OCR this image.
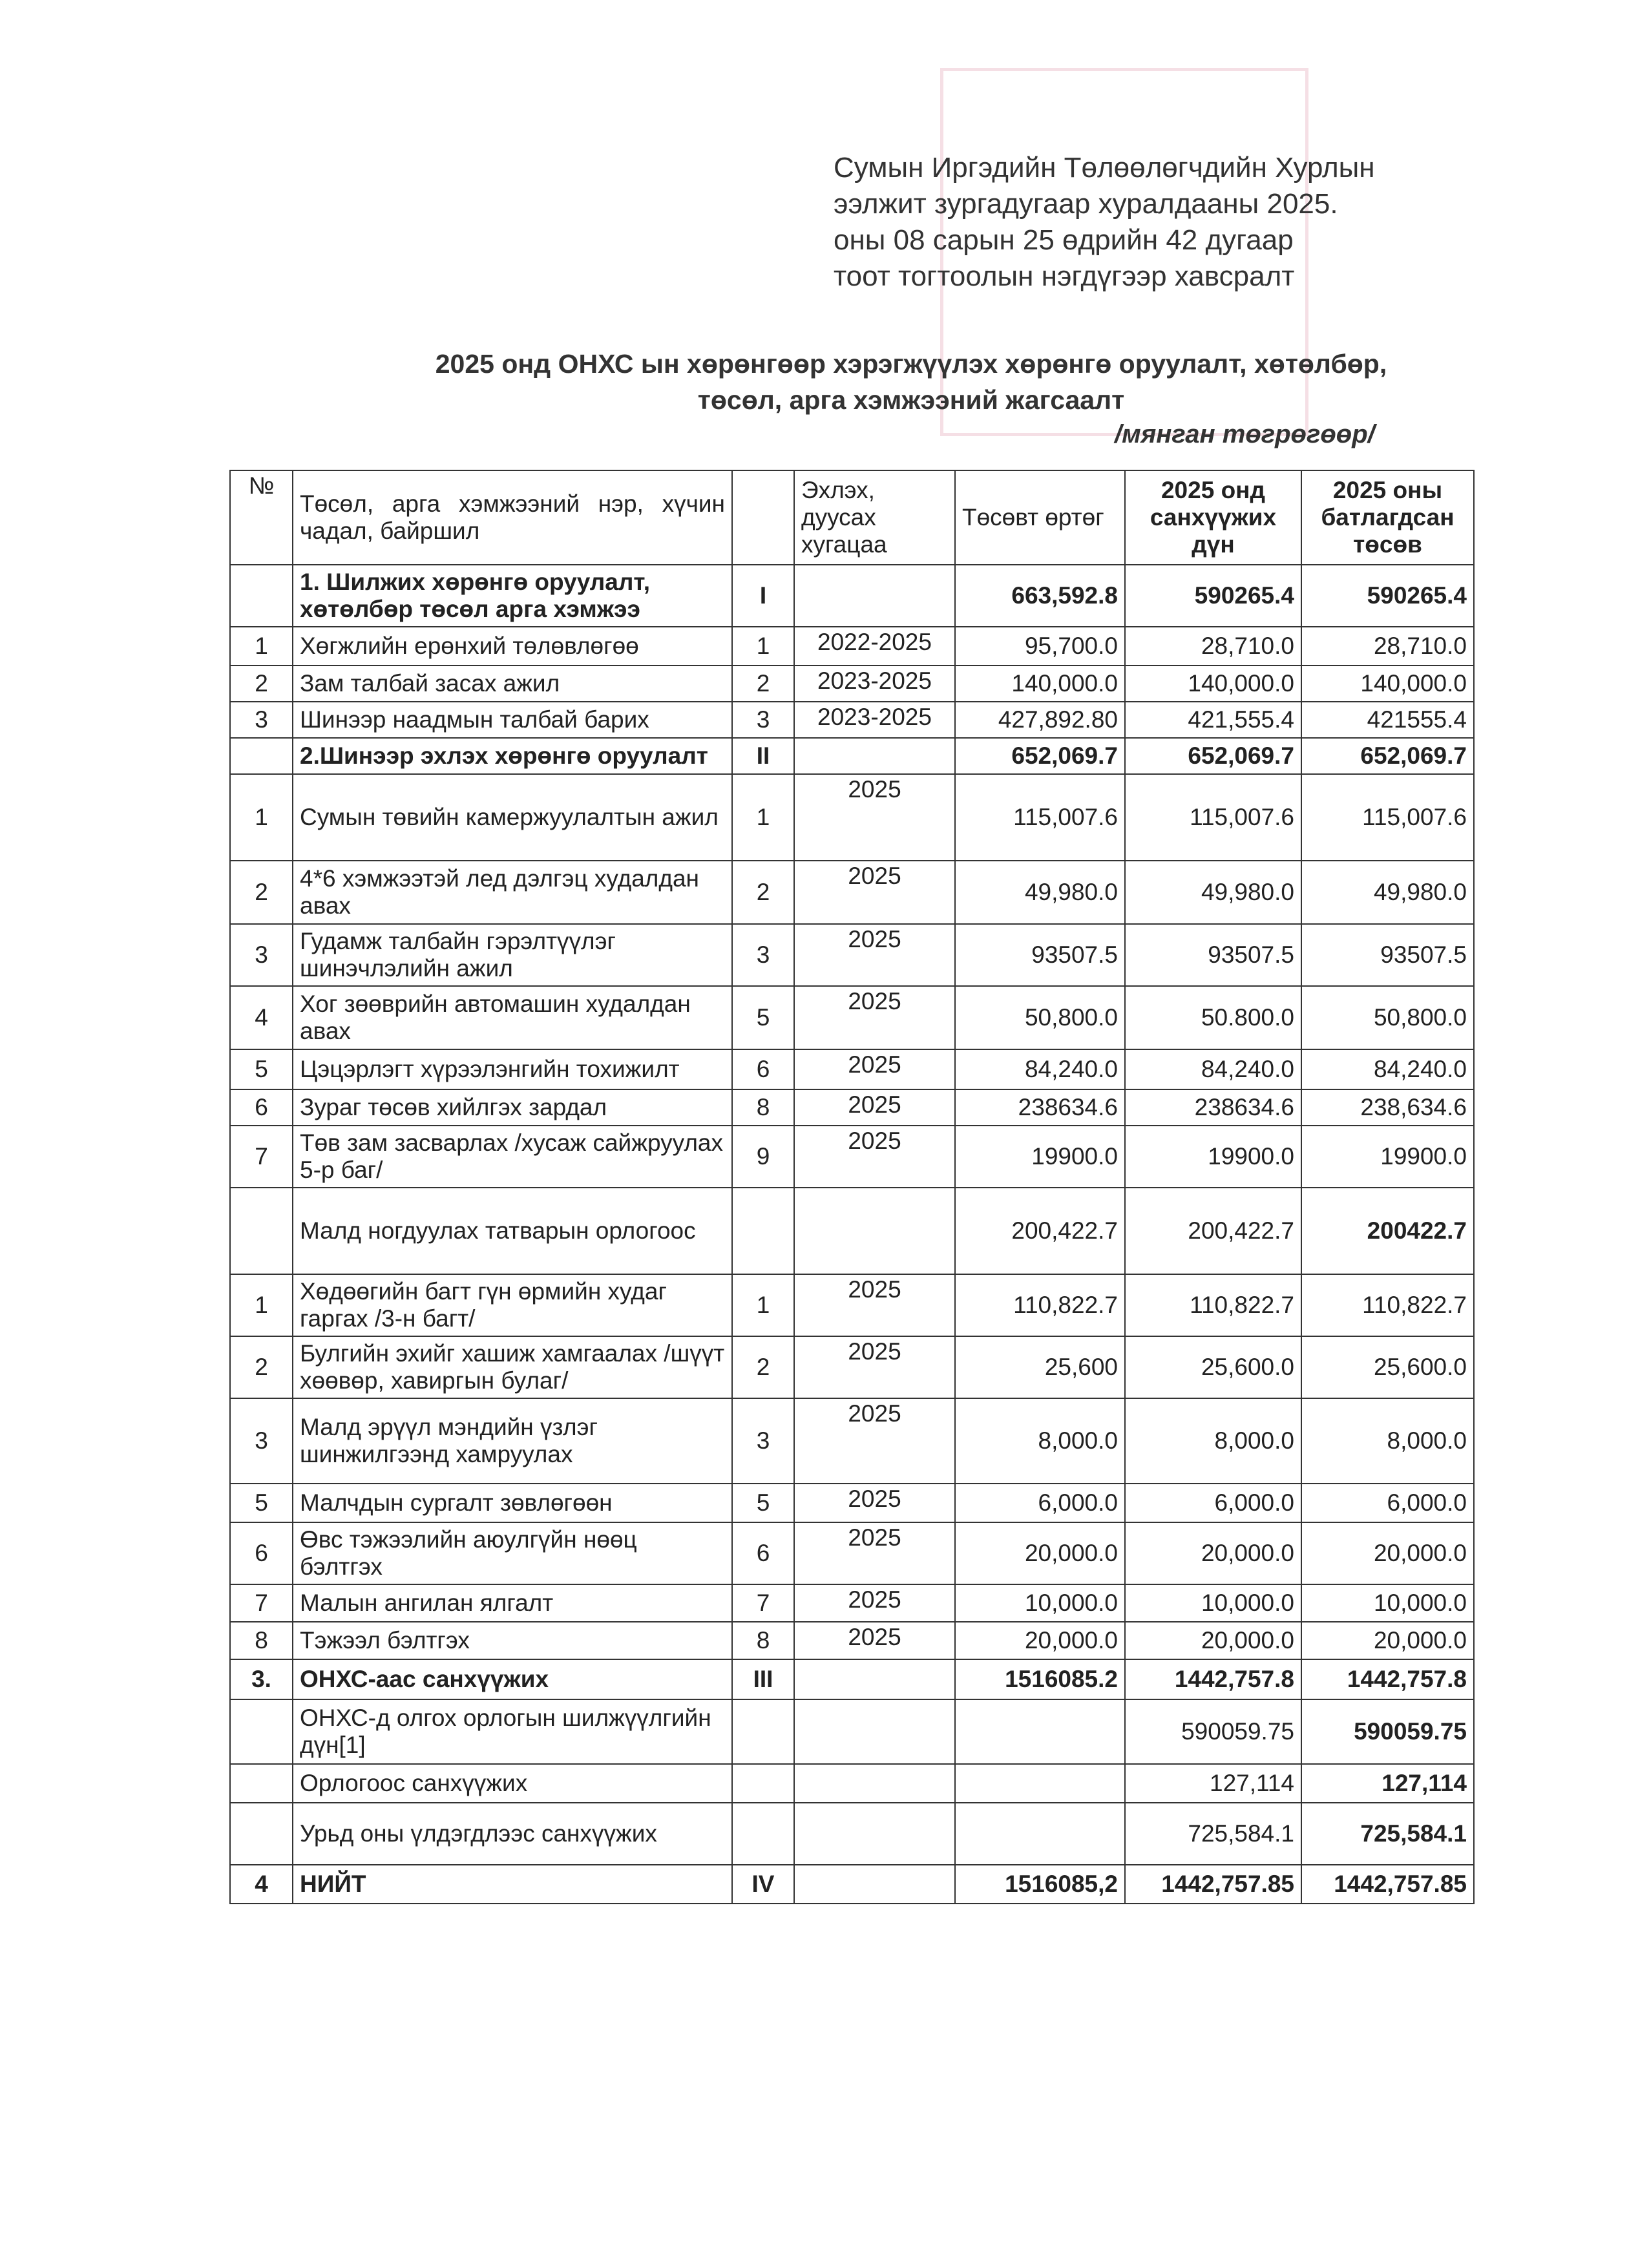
Сумын Иргэдийн Төлөөлөгчдийн Хурлын
ээлжит зургадугаар хуралдааны 2025.
оны 08 сарын 25 өдрийн 42 дугаар
тоот тогтоолын нэгдүгээр хавсралт
2025 онд ОНХС ын хөрөнгөөр хэрэгжүүлэх хөрөнгө оруулалт, хөтөлбөр,
төсөл, арга хэмжээний жагсаалт
/мянган төгрөгөөр/
№	Төсөл, арга хэмжээний нэр, хүчин чадал, байршил		Эхлэх, дуусах хугацаа	Төсөвт өртөг	2025 онд санхүүжих дүн	2025 оны батлагдсан төсөв
	1. Шилжих хөрөнгө оруулалт, хөтөлбөр төсөл арга хэмжээ	I		663,592.8	590265.4	590265.4
1	Хөгжлийн ерөнхий төлөвлөгөө	1	2022-2025	95,700.0	28,710.0	28,710.0
2	Зам талбай засах ажил	2	2023-2025	140,000.0	140,000.0	140,000.0
3	Шинээр наадмын талбай барих	3	2023-2025	427,892.80	421,555.4	421555.4
	2.Шинээр эхлэх хөрөнгө оруулалт	II		652,069.7	652,069.7	652,069.7
1	Сумын төвийн камержуулалтын ажил	1	2025	115,007.6	115,007.6	115,007.6
2	4*6 хэмжээтэй лед дэлгэц худалдан авах	2	2025	49,980.0	49,980.0	49,980.0
3	Гудамж талбайн гэрэлтүүлэг шинэчлэлийн ажил	3	2025	93507.5	93507.5	93507.5
4	Хог зөөврийн автомашин худалдан авах	5	2025	50,800.0	50.800.0	50,800.0
5	Цэцэрлэгт хүрээлэнгийн тохижилт	6	2025	84,240.0	84,240.0	84,240.0
6	Зураг төсөв хийлгэх зардал	8	2025	238634.6	238634.6	238,634.6
7	Төв зам засварлах /хусаж сайжруулах 5-р баг/	9	2025	19900.0	19900.0	19900.0
	Малд ногдуулах татварын орлогоос			200,422.7	200,422.7	200422.7
1	Хөдөөгийн багт гүн өрмийн худаг гаргах /3-н багт/	1	2025	110,822.7	110,822.7	110,822.7
2	Булгийн эхийг хашиж хамгаалах /шүүт хөөвөр, хавиргын булаг/	2	2025	25,600	25,600.0	25,600.0
3	Малд эрүүл мэндийн үзлэг шинжилгээнд хамруулах	3	2025	8,000.0	8,000.0	8,000.0
5	Малчдын сургалт зөвлөгөөн	5	2025	6,000.0	6,000.0	6,000.0
6	Өвс тэжээлийн аюулгүйн нөөц бэлтгэх	6	2025	20,000.0	20,000.0	20,000.0
7	Малын ангилан ялгалт	7	2025	10,000.0	10,000.0	10,000.0
8	Тэжээл бэлтгэх	8	2025	20,000.0	20,000.0	20,000.0
3.	ОНХС-аас санхүүжих	III		1516085.2	1442,757.8	1442,757.8
	ОНХС-д олгох орлогын шилжүүлгийн дүн[1]				590059.75	590059.75
	Орлогоос санхүүжих				127,114	127,114
	Урьд оны үлдэгдлээс санхүүжих				725,584.1	725,584.1
4	НИЙТ	IV		1516085,2	1442,757.85	1442,757.85
